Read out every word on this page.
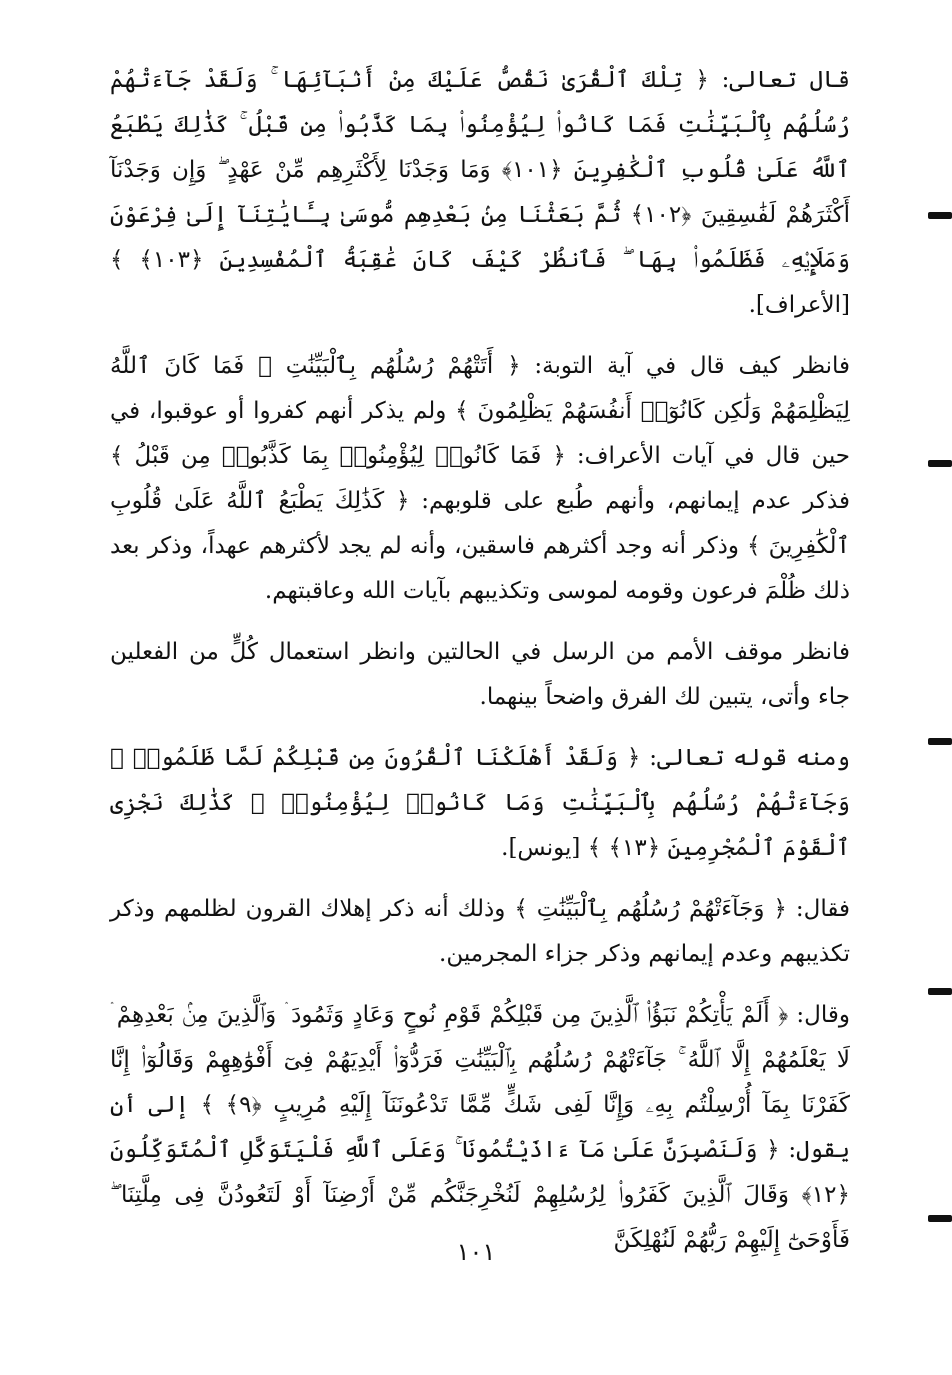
قال تعالى: ﴿ تِلْكَ ٱلْقُرَىٰ نَقُصُّ عَلَيْكَ مِنْ أَنۢبَآئِهَا ۚ وَلَقَدْ جَآءَتْهُمْ رُسُلُهُم بِٱلْبَيِّنَٰتِ فَمَا كَانُوا۟ لِيُؤْمِنُوا۟ بِمَا كَذَّبُوا۟ مِن قَبْلُ ۚ كَذَٰلِكَ يَطْبَعُ ٱللَّهُ عَلَىٰ قُلُوبِ ٱلْكَٰفِرِينَ ﴿١٠١﴾ وَمَا وَجَدْنَا لِأَكْثَرِهِم مِّنْ عَهْدٍ ۖ وَإِن وَجَدْنَآ أَكْثَرَهُمْ لَفَٰسِقِينَ ﴿١٠٢﴾ ثُمَّ بَعَثْنَا مِنۢ بَعْدِهِم مُّوسَىٰ بِـَٔايَٰتِنَآ إِلَىٰ فِرْعَوْنَ وَمَلَإِي۟هِۦ فَظَلَمُوا۟ بِهَا ۖ فَٱنظُرْ كَيْفَ كَانَ عَٰقِبَةُ ٱلْمُفْسِدِينَ ﴿١٠٣﴾ ﴾ [الأعراف].

فانظر كيف قال في آية التوبة: ﴿ أَتَتْهُمْ رُسُلُهُم بِٱلْبَيِّنَٰتِ ۖ فَمَا كَانَ ٱللَّهُ لِيَظْلِمَهُمْ وَلَٰكِن كَانُوٓا۟ أَنفُسَهُمْ يَظْلِمُونَ ﴾ ولم يذكر أنهم كفروا أو عوقبوا، في حين قال في آيات الأعراف: ﴿ فَمَا كَانُوا۟ لِيُؤْمِنُوا۟ بِمَا كَذَّبُوا۟ مِن قَبْلُ ﴾ فذكر عدم إيمانهم، وأنهم طُبع على قلوبهم: ﴿ كَذَٰلِكَ يَطْبَعُ ٱللَّهُ عَلَىٰ قُلُوبِ ٱلْكَٰفِرِينَ ﴾ وذكر أنه وجد أكثرهم فاسقين، وأنه لم يجد لأكثرهم عهداً، وذكر بعد ذلك ظُلْمَ فرعون وقومه لموسى وتكذيبهم بآيات الله وعاقبتهم.

فانظر موقف الأمم من الرسل في الحالتين وانظر استعمال كُلٍّ من الفعلين جاء وأتى، يتبين لك الفرق واضحاً بينهما.

ومنه قوله تعالى: ﴿ وَلَقَدْ أَهْلَكْنَا ٱلْقُرُونَ مِن قَبْلِكُمْ لَمَّا ظَلَمُوا۟ ۙ وَجَآءَتْهُمْ رُسُلُهُم بِٱلْبَيِّنَٰتِ وَمَا كَانُوا۟ لِيُؤْمِنُوا۟ ۚ كَذَٰلِكَ نَجْزِى ٱلْقَوْمَ ٱلْمُجْرِمِينَ ﴿١٣﴾ ﴾ [يونس].

فقال: ﴿ وَجَآءَتْهُمْ رُسُلُهُم بِٱلْبَيِّنَٰتِ ﴾ وذلك أنه ذكر إهلاك القرون لظلمهم وذكر تكذيبهم وعدم إيمانهم وذكر جزاء المجرمين.

وقال: ﴿ أَلَمْ يَأْتِكُمْ نَبَؤُا۟ ٱلَّذِينَ مِن قَبْلِكُمْ قَوْمِ نُوحٍ وَعَادٍ وَثَمُودَ ۛ وَٱلَّذِينَ مِنۢ بَعْدِهِمْ ۛ لَا يَعْلَمُهُمْ إِلَّا ٱللَّهُ ۚ جَآءَتْهُمْ رُسُلُهُم بِٱلْبَيِّنَٰتِ فَرَدُّوٓا۟ أَيْدِيَهُمْ فِىٓ أَفْوَٰهِهِمْ وَقَالُوٓا۟ إِنَّا كَفَرْنَا بِمَآ أُرْسِلْتُم بِهِۦ وَإِنَّا لَفِى شَكٍّ مِّمَّا تَدْعُونَنَآ إِلَيْهِ مُرِيبٍ ﴿٩﴾ ﴾ إلى أن يقول: ﴿ وَلَنَصْبِرَنَّ عَلَىٰ مَآ ءَاذَيْتُمُونَا ۚ وَعَلَى ٱللَّهِ فَلْيَتَوَكَّلِ ٱلْمُتَوَكِّلُونَ ﴿١٢﴾ وَقَالَ ٱلَّذِينَ كَفَرُوا۟ لِرُسُلِهِمْ لَنُخْرِجَنَّكُم مِّنْ أَرْضِنَآ أَوْ لَتَعُودُنَّ فِى مِلَّتِنَا ۖ فَأَوْحَىٰٓ إِلَيْهِمْ رَبُّهُمْ لَنُهْلِكَنَّ

١٠١
